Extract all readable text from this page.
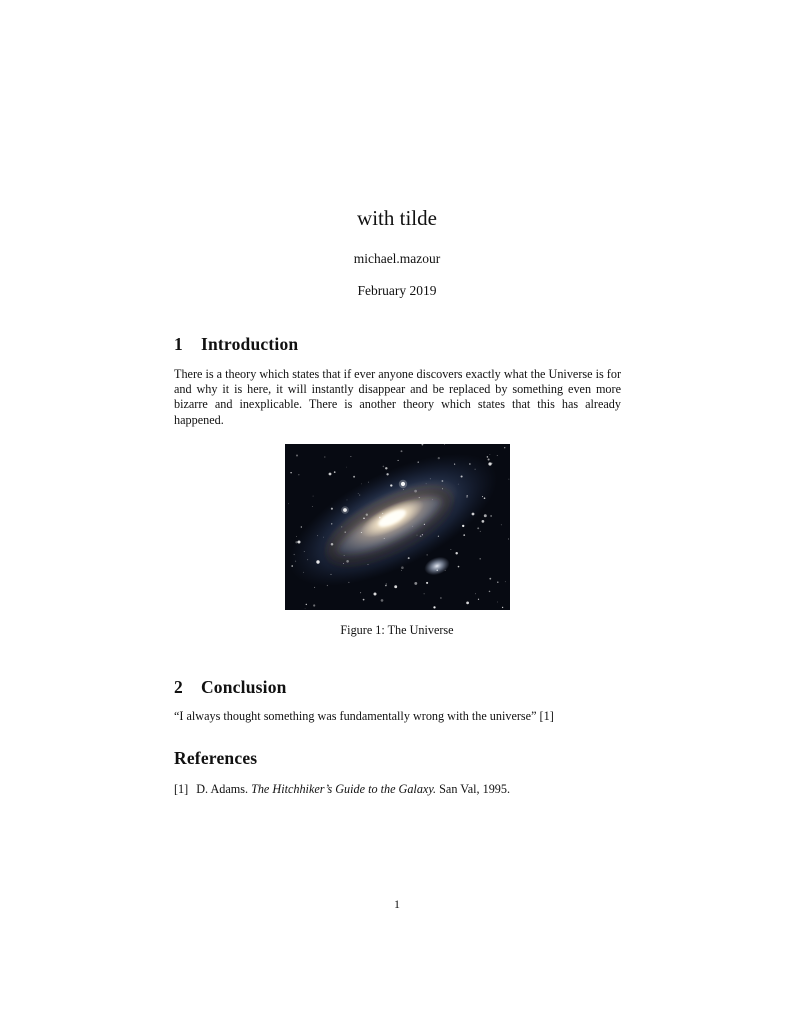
with tilde
michael.mazour
February 2019
1 Introduction

There is a theory which states that if ever anyone discovers exactly what the Universe is for and why it is here, it will instantly disappear and be replaced by something even more bizarre and inexplicable. There is another theory which states that this has already happened.

Figure 1: The Universe
2 Conclusion

“I always thought something was fundamentally wrong with the universe” [1]

References

[1] D. Adams. The Hitchhiker’s Guide to the Galaxy. San Val, 1995.

1
